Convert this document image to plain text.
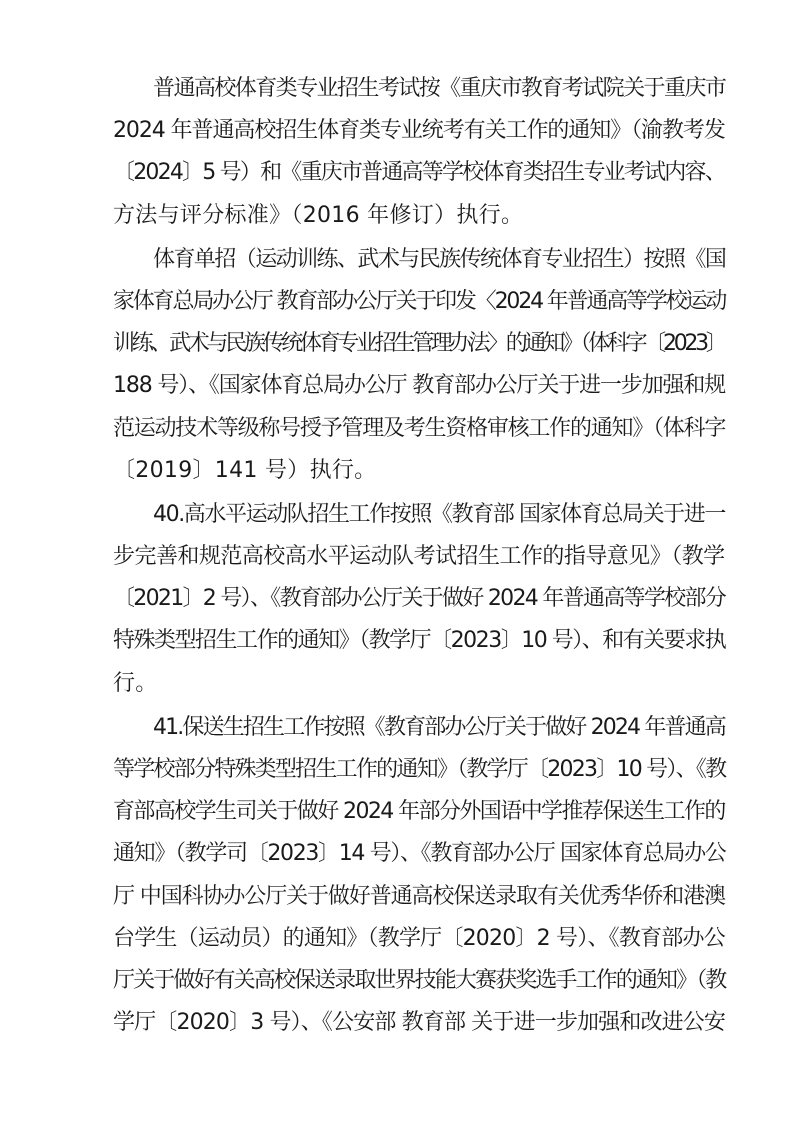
普通高校体育类专业招生考试按《重庆市教育考试院关于重庆市
2024 年普通高校招生体育类专业统考有关工作的通知》（渝教考发
〔2024〕5 号）和《重庆市普通高等学校体育类招生专业考试内容、
方法与评分标准》（2016 年修订）执行。
体育单招（运动训练、武术与民族传统体育专业招生）按照《国
家体育总局办公厅 教育部办公厅关于印发〈2024 年普通高等学校运动
训练、武术与民族传统体育专业招生管理办法〉的通知》（体科字〔2023〕
188 号）、《国家体育总局办公厅 教育部办公厅关于进一步加强和规
范运动技术等级称号授予管理及考生资格审核工作的通知》（体科字
〔2019〕141 号）执行。
40.高水平运动队招生工作按照《教育部 国家体育总局关于进一
步完善和规范高校高水平运动队考试招生工作的指导意见》（教学
〔2021〕2 号）、《教育部办公厅关于做好 2024 年普通高等学校部分
特殊类型招生工作的通知》（教学厅〔2023〕10 号）、和有关要求执
行。
41.保送生招生工作按照《教育部办公厅关于做好 2024 年普通高
等学校部分特殊类型招生工作的通知》（教学厅〔2023〕10 号）、《教
育部高校学生司关于做好 2024 年部分外国语中学推荐保送生工作的
通知》（教学司〔2023〕14 号）、《教育部办公厅 国家体育总局办公
厅 中国科协办公厅关于做好普通高校保送录取有关优秀华侨和港澳
台学生（运动员）的通知》（教学厅〔2020〕2 号）、《教育部办公
厅关于做好有关高校保送录取世界技能大赛获奖选手工作的通知》（教
学厅〔2020〕3 号）、《公安部 教育部 关于进一步加强和改进公安
